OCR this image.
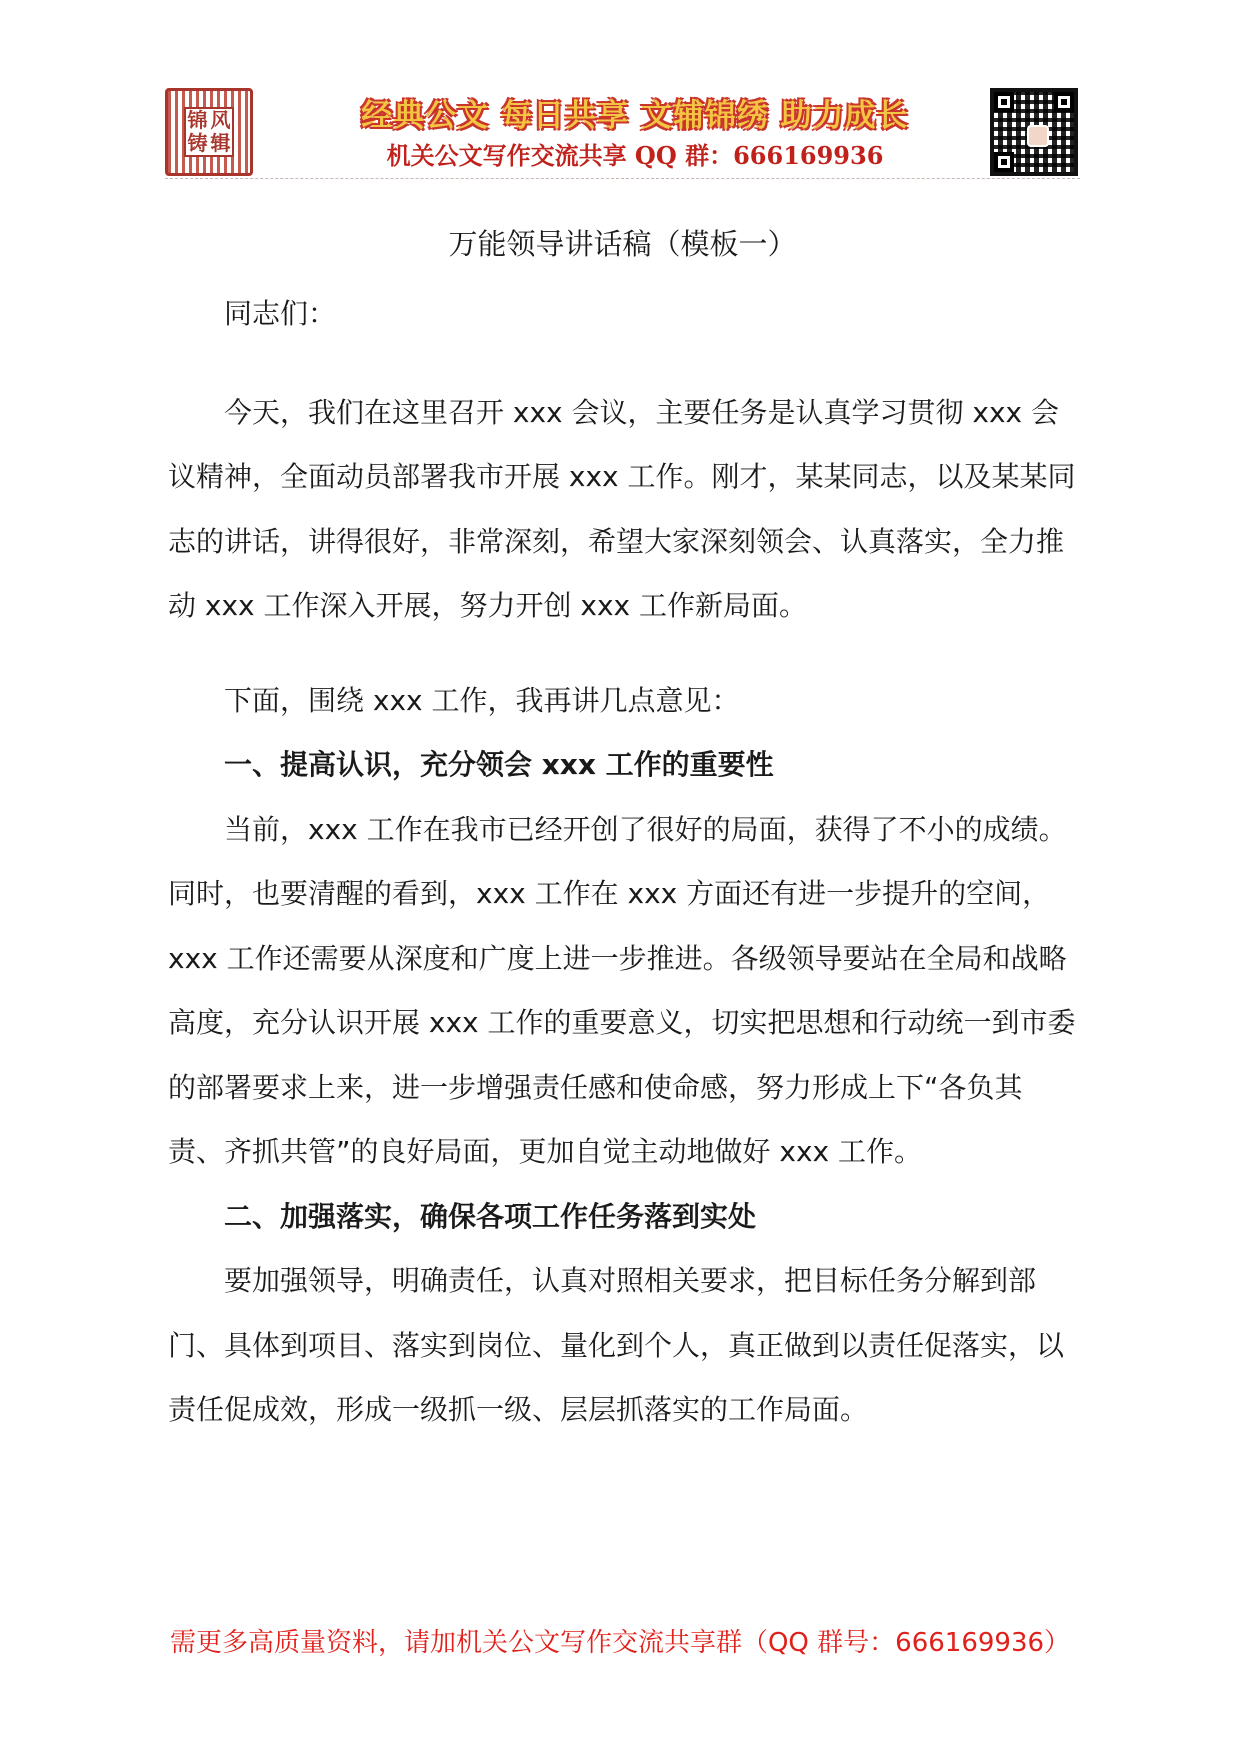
锦 风
铸 辑
经典公文 每日共享 文辅锦绣 助力成长
机关公文写作交流共享 QQ 群：666169936
万能领导讲话稿（模板一）

同志们：

今天，我们在这里召开 xxx 会议，主要任务是认真学习贯彻 xxx 会议精神，全面动员部署我市开展 xxx 工作。刚才，某某同志，以及某某同志的讲话，讲得很好，非常深刻，希望大家深刻领会、认真落实，全力推动 xxx 工作深入开展，努力开创 xxx 工作新局面。

下面，围绕 xxx 工作，我再讲几点意见：

一、提高认识，充分领会 xxx 工作的重要性

当前，xxx 工作在我市已经开创了很好的局面，获得了不小的成绩。同时，也要清醒的看到，xxx 工作在 xxx 方面还有进一步提升的空间，xxx 工作还需要从深度和广度上进一步推进。各级领导要站在全局和战略高度，充分认识开展 xxx 工作的重要意义，切实把思想和行动统一到市委的部署要求上来，进一步增强责任感和使命感，努力形成上下“各负其责、齐抓共管”的良好局面，更加自觉主动地做好 xxx 工作。

二、加强落实，确保各项工作任务落到实处

要加强领导，明确责任，认真对照相关要求，把目标任务分解到部门、具体到项目、落实到岗位、量化到个人，真正做到以责任促落实，以责任促成效，形成一级抓一级、层层抓落实的工作局面。

需更多高质量资料，请加机关公文写作交流共享群（QQ 群号：666169936）
